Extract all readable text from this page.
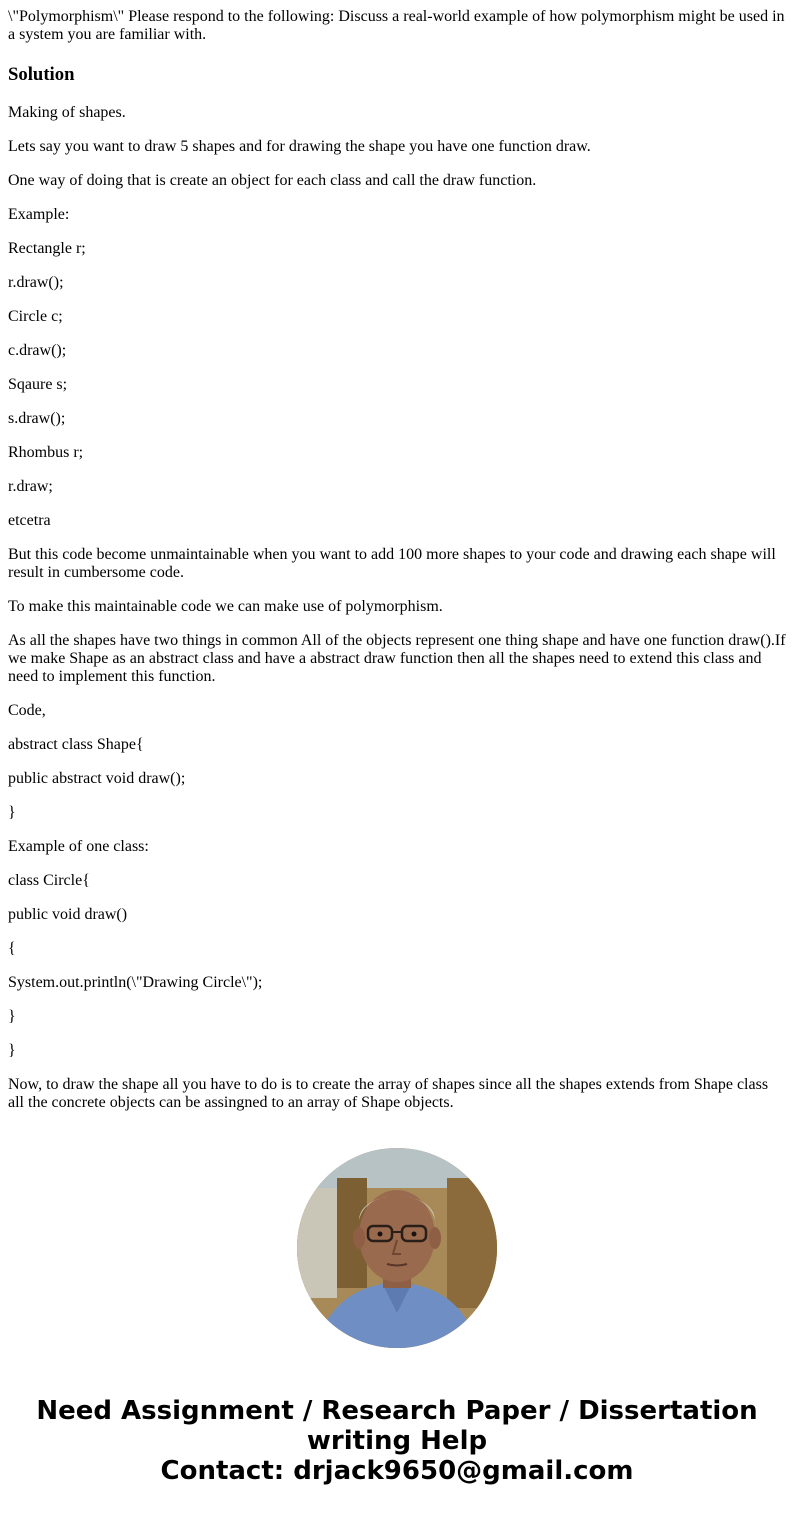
\"Polymorphism\" Please respond to the following: Discuss a real-world example of how polymorphism might be used in a system you are familiar with.

Solution

Making of shapes.

Lets say you want to draw 5 shapes and for drawing the shape you have one function draw.

One way of doing that is create an object for each class and call the draw function.

Example:

Rectangle r;

r.draw();

Circle c;

c.draw();

Sqaure s;

s.draw();

Rhombus r;

r.draw;

etcetra

But this code become unmaintainable when you want to add 100 more shapes to your code and drawing each shape will result in cumbersome code.

To make this maintainable code we can make use of polymorphism.

As all the shapes have two things in common All of the objects represent one thing shape and have one function draw().If we make Shape as an abstract class and have a abstract draw function then all the shapes need to extend this class and need to implement this function.

Code,

abstract class Shape{

public abstract void draw();

}

Example of one class:

class Circle{

public void draw()

{

System.out.println(\"Drawing Circle\");

}

}

Now, to draw the shape all you have to do is to create the array of shapes since all the shapes extends from Shape class all the concrete objects can be assingned to an array of Shape objects.

Need Assignment / Research Paper / Dissertation
writing Help
Contact: drjack9650@gmail.com
